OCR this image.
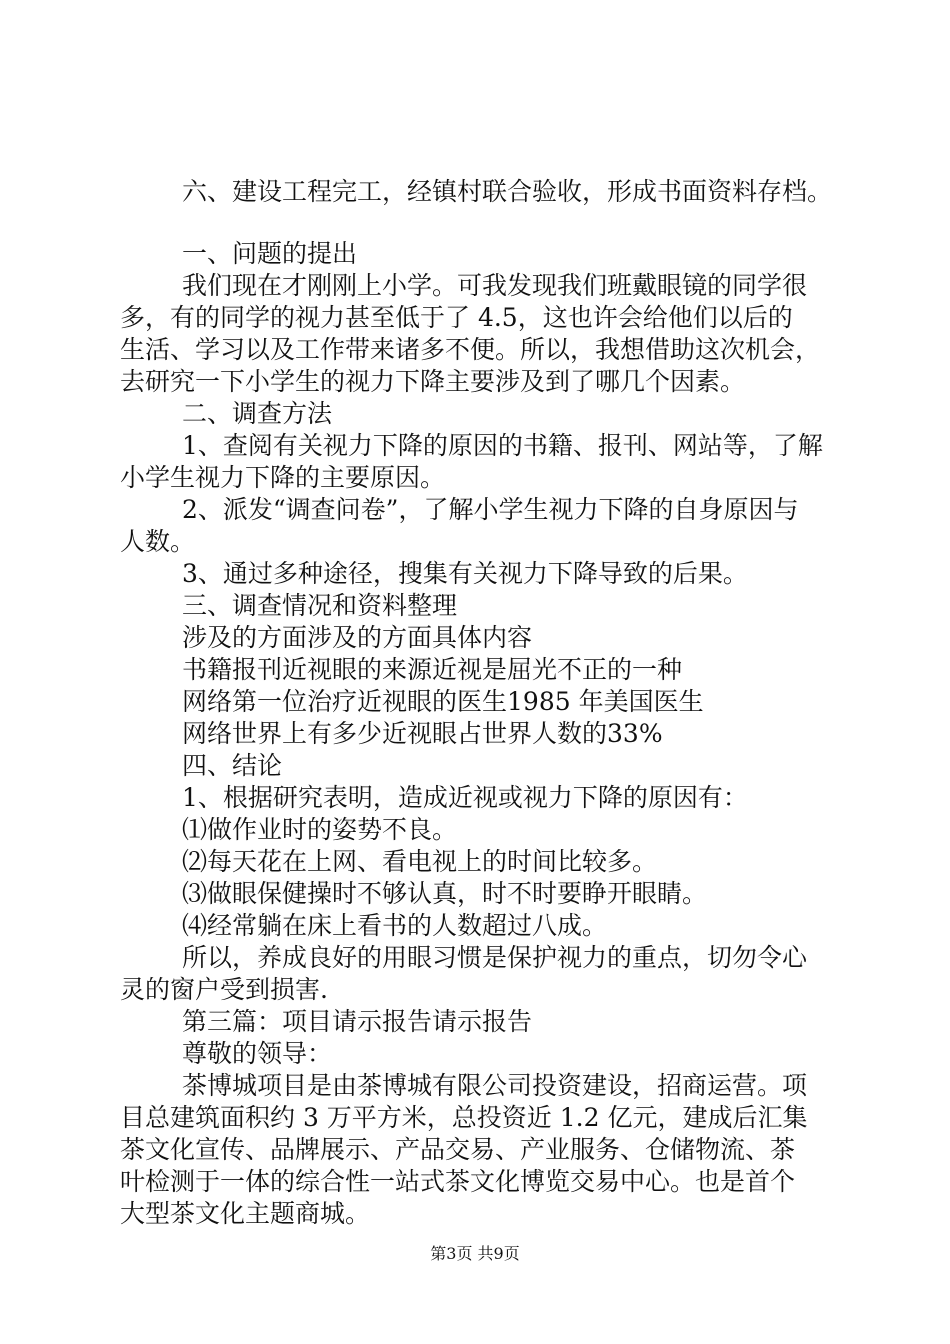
六、建设工程完工，经镇村联合验收，形成书面资料存档。

一、问题的提出

我们现在才刚刚上小学。可我发现我们班戴眼镜的同学很

多，有的同学的视力甚至低于了 4.5，这也许会给他们以后的

生活、学习以及工作带来诸多不便。所以，我想借助这次机会，

去研究一下小学生的视力下降主要涉及到了哪几个因素。

二、调查方法

1、查阅有关视力下降的原因的书籍、报刊、网站等，了解

小学生视力下降的主要原因。

2、派发“调查问卷”，了解小学生视力下降的自身原因与

人数。

3、通过多种途径，搜集有关视力下降导致的后果。

三、调查情况和资料整理

涉及的方面涉及的方面具体内容

书籍报刊近视眼的来源近视是屈光不正的一种

网络第一位治疗近视眼的医生1985 年美国医生

网络世界上有多少近视眼占世界人数的33%

四、结论

1、根据研究表明，造成近视或视力下降的原因有：

⑴做作业时的姿势不良。

⑵每天花在上网、看电视上的时间比较多。

⑶做眼保健操时不够认真，时不时要睁开眼睛。

⑷经常躺在床上看书的人数超过八成。

所以，养成良好的用眼习惯是保护视力的重点，切勿令心

灵的窗户受到损害.

第三篇：项目请示报告请示报告

尊敬的领导：

茶博城项目是由茶博城有限公司投资建设，招商运营。项

目总建筑面积约 3 万平方米，总投资近 1.2 亿元，建成后汇集

茶文化宣传、品牌展示、产品交易、产业服务、仓储物流、茶

叶检测于一体的综合性一站式茶文化博览交易中心。也是首个

大型茶文化主题商城。

第3页 共9页
